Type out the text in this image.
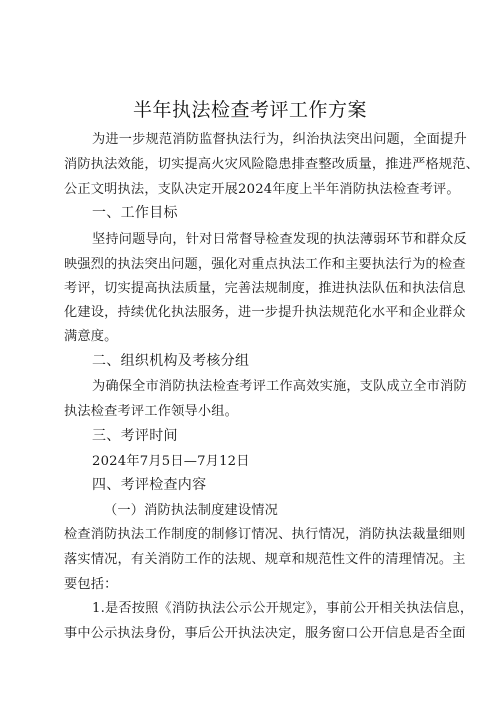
半年执法检查考评工作方案
为进一步规范消防监督执法行为，纠治执法突出问题，全面提升
消防执法效能，切实提高火灾风险隐患排查整改质量，推进严格规范、
公正文明执法，支队决定开展2024年度上半年消防执法检查考评。
一、工作目标
坚持问题导向，针对日常督导检查发现的执法薄弱环节和群众反
映强烈的执法突出问题，强化对重点执法工作和主要执法行为的检查
考评，切实提高执法质量，完善法规制度，推进执法队伍和执法信息
化建设，持续优化执法服务，进一步提升执法规范化水平和企业群众
满意度。
二、组织机构及考核分组
为确保全市消防执法检查考评工作高效实施，支队成立全市消防
执法检查考评工作领导小组。
三、考评时间
2024年7月5日—7月12日
四、考评检查内容
（一）消防执法制度建设情况
检查消防执法工作制度的制修订情况、执行情况，消防执法裁量细则
落实情况，有关消防工作的法规、规章和规范性文件的清理情况。主
要包括：
1.是否按照《消防执法公示公开规定》，事前公开相关执法信息，
事中公示执法身份，事后公开执法决定，服务窗口公开信息是否全面
